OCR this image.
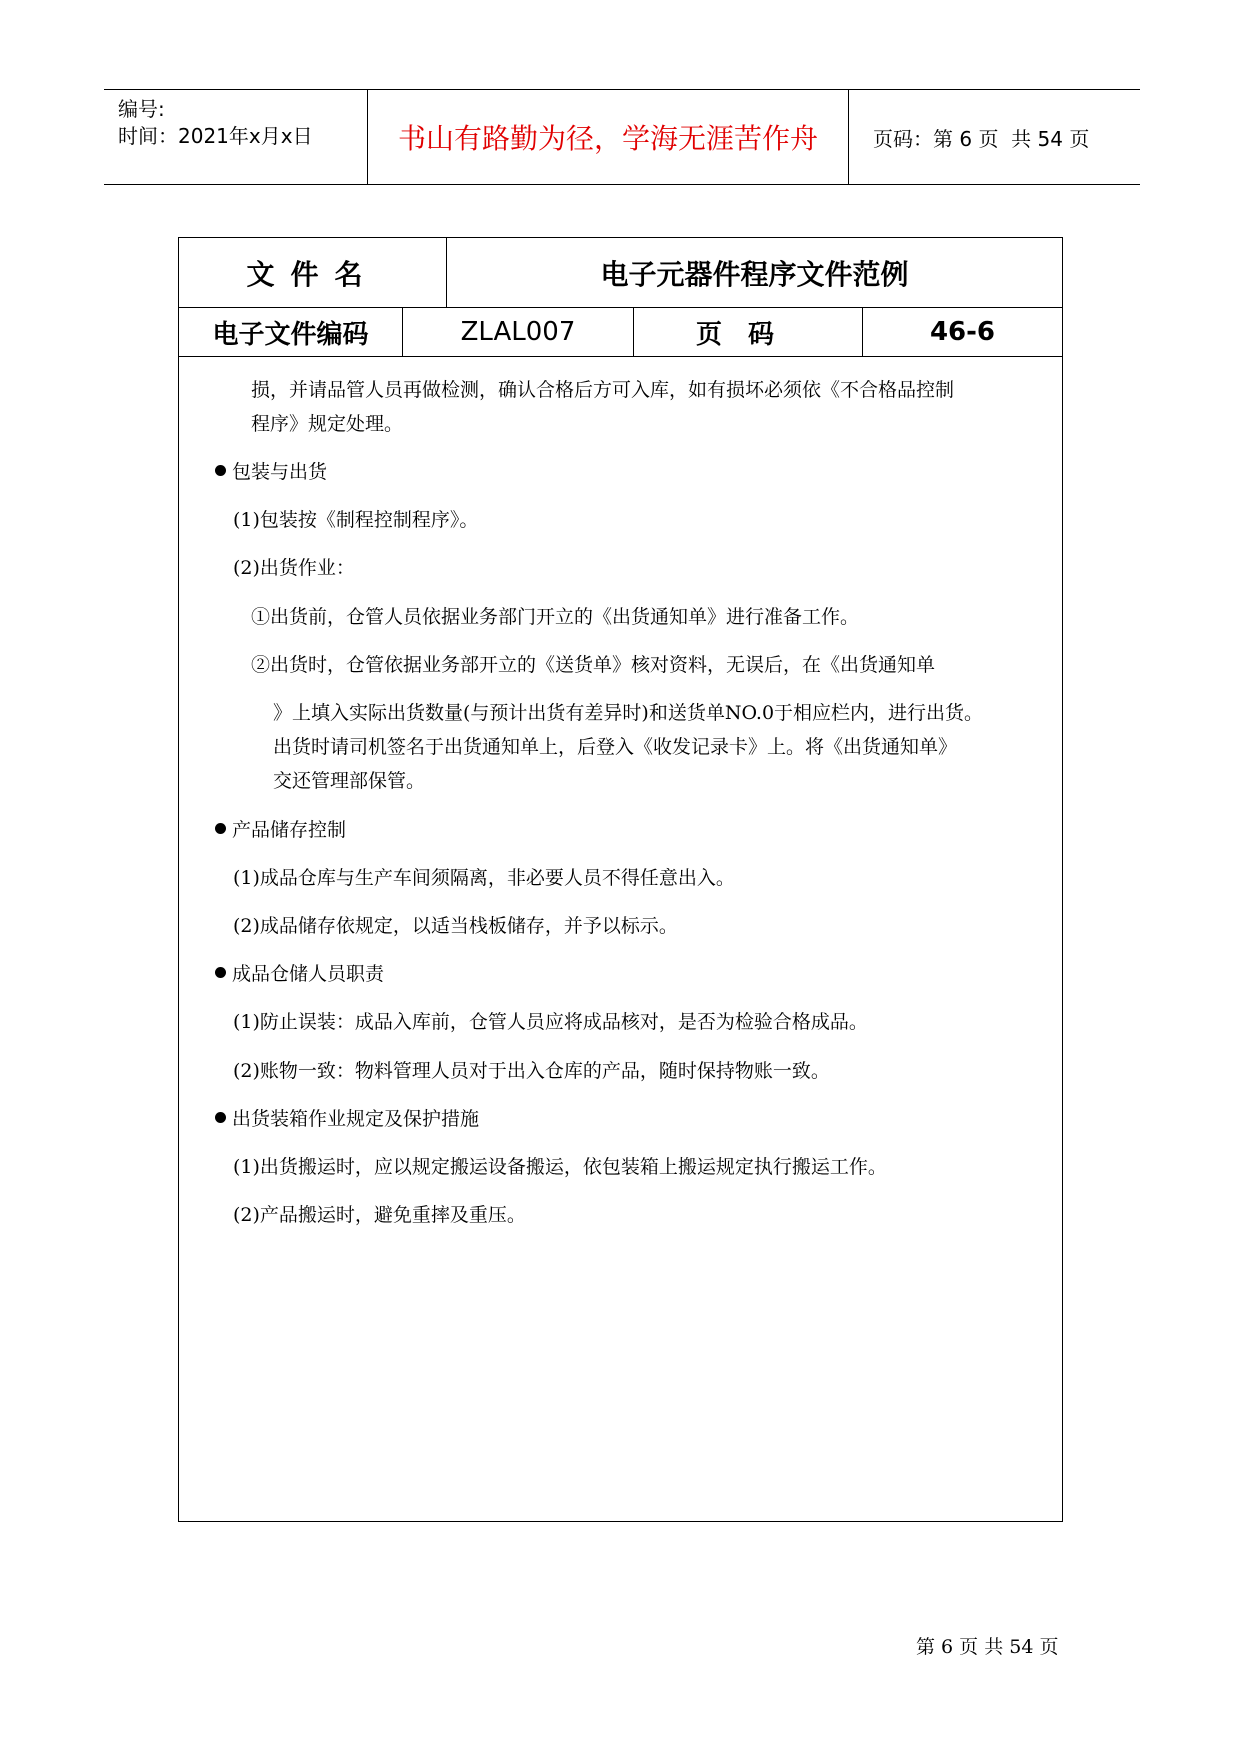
编号:
时间：2021年x月x日	书山有路勤为径，学海无涯苦作舟	页码：第 6 页  共 54 页
文件名	电子元器件程序文件范例
电子文件编码	ZLAL007	页码	46-6
损，并请品管人员再做检测，确认合格后方可入库，如有损坏必须依《不合格品控制
程序》规定处理。
包装与出货
(1)包装按《制程控制程序》。
(2)出货作业：
①出货前，仓管人员依据业务部门开立的《出货通知单》进行准备工作。
②出货时，仓管依据业务部开立的《送货单》核对资料，无误后，在《出货通知单
》上填入实际出货数量(与预计出货有差异时)和送货单NO.0于相应栏内，进行出货。
出货时请司机签名于出货通知单上，后登入《收发记录卡》上。将《出货通知单》
交还管理部保管。
产品储存控制
(1)成品仓库与生产车间须隔离，非必要人员不得任意出入。
(2)成品储存依规定，以适当栈板储存，并予以标示。
成品仓储人员职责
(1)防止误装：成品入库前，仓管人员应将成品核对，是否为检验合格成品。
(2)账物一致：物料管理人员对于出入仓库的产品，随时保持物账一致。
出货装箱作业规定及保护措施
(1)出货搬运时，应以规定搬运设备搬运，依包装箱上搬运规定执行搬运工作。
(2)产品搬运时，避免重摔及重压。
第 6 页 共 54 页
